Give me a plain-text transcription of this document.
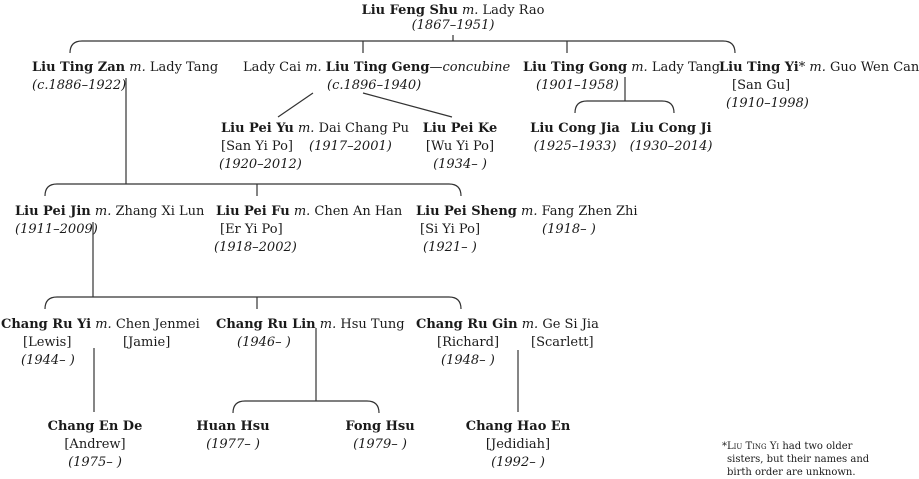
Liu Feng Shu m. Lady Rao
(1867–1951)
Liu Ting Zan m. Lady Tang
(c.1886–1922)
Lady Cai m. Liu Ting Geng—concubine
(c.1896–1940)
Liu Ting Gong m. Lady Tang
(1901–1958)
Liu Ting Yi* m. Guo Wen Can
[San Gu]
(1910–1998)
Liu Pei Yu m. Dai Chang Pu
[San Yi Po]
(1920–2012)
(1917–2001)
Liu Pei Ke
[Wu Yi Po]
(1934– )
Liu Cong Jia
(1925–1933)
Liu Cong Ji
(1930–2014)
Liu Pei Jin m. Zhang Xi Lun
(1911–2009)
Liu Pei Fu m. Chen An Han
[Er Yi Po]
(1918–2002)
Liu Pei Sheng m. Fang Zhen Zhi
[Si Yi Po]
(1921– )
(1918– )
Chang Ru Yi m. Chen Jenmei
[Lewis]	[Jamie]
(1944– )
Chang Ru Lin m. Hsu Tung
(1946– )
Chang Ru Gin m. Ge Si Jia
[Richard] [Scarlett]
(1948– )
Chang En De
[Andrew]
(1975– )
Huan Hsu
(1977– )
Fong Hsu
(1979– )
Chang Hao En
[Jedidiah]
(1992– )
*Liu Ting Yi had two older
sisters, but their names and
birth order are unknown.
